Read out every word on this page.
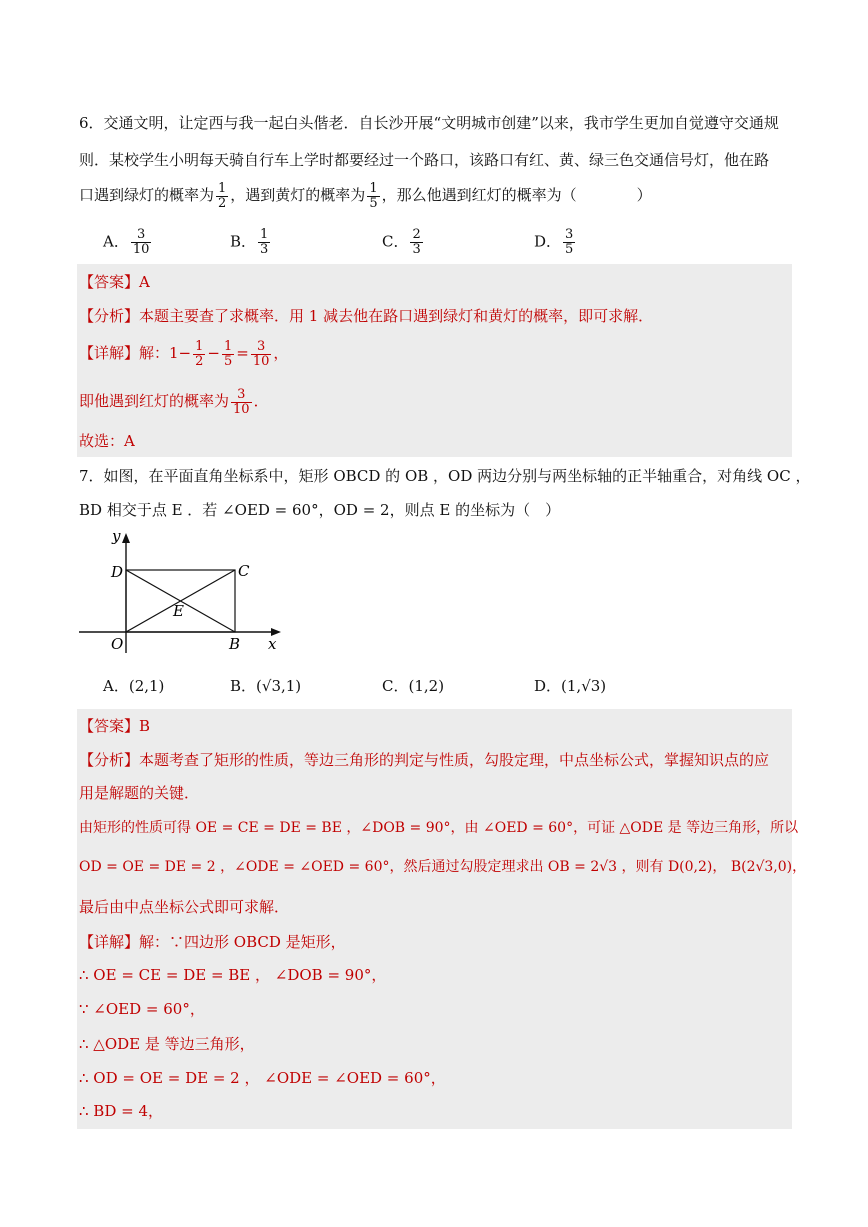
6．交通文明，让定西与我一起白头偕老．自长沙开展“文明城市创建”以来，我市学生更加自觉遵守交通规
则．某校学生小明每天骑自行车上学时都要经过一个路口，该路口有红、黄、绿三色交通信号灯，他在路
口遇到绿灯的概率为 $\frac{1}{2}$ ，遇到黄灯的概率为 $\frac{1}{5}$ ，那么他遇到红灯的概率为（　　　　）
A． $\frac{3}{10}$	B． $\frac{1}{3}$	C． $\frac{2}{3}$	D． $\frac{3}{5}$
【答案】A
【分析】本题主要查了求概率．用 1 减去他在路口遇到绿灯和黄灯的概率，即可求解．
【详解】解：$1- \frac{1}{2} - \frac{1}{5} = \frac{3}{10}$ ，
即他遇到红灯的概率为 $\frac{3}{10}$ ．
故选：A
7．如图，在平面直角坐标系中，矩形 OBCD 的 OB ，OD 两边分别与两坐标轴的正半轴重合，对角线 OC ，
BD 相交于点 E ．若 ∠OED = 60°，OD = 2，则点 E 的坐标为（　）
y
x
D	C
E
O	B
A．(2,1)	B．(√3,1)	C．(1,2)	D．(1,√3)
【答案】B
【分析】本题考查了矩形的性质，等边三角形的判定与性质，勾股定理，中点坐标公式，掌握知识点的应
用是解题的关键．
由矩形的性质可得 OE = CE = DE = BE ，∠DOB = 90°，由 ∠OED = 60°，可证 △ODE 是 等边三角形，所以
OD = OE = DE = 2 ，∠ODE = ∠OED = 60°，然后通过勾股定理求出 OB = 2√3 ，则有 D(0,2)， B(2√3,0)，
最后由中点坐标公式即可求解．
【详解】解：∵四边形 OBCD 是矩形，
∴ OE = CE = DE = BE ， ∠DOB = 90°，
∵ ∠OED = 60°，
∴ △ODE 是 等边三角形，
∴ OD = OE = DE = 2 ， ∠ODE = ∠OED = 60°，
∴ BD = 4，
